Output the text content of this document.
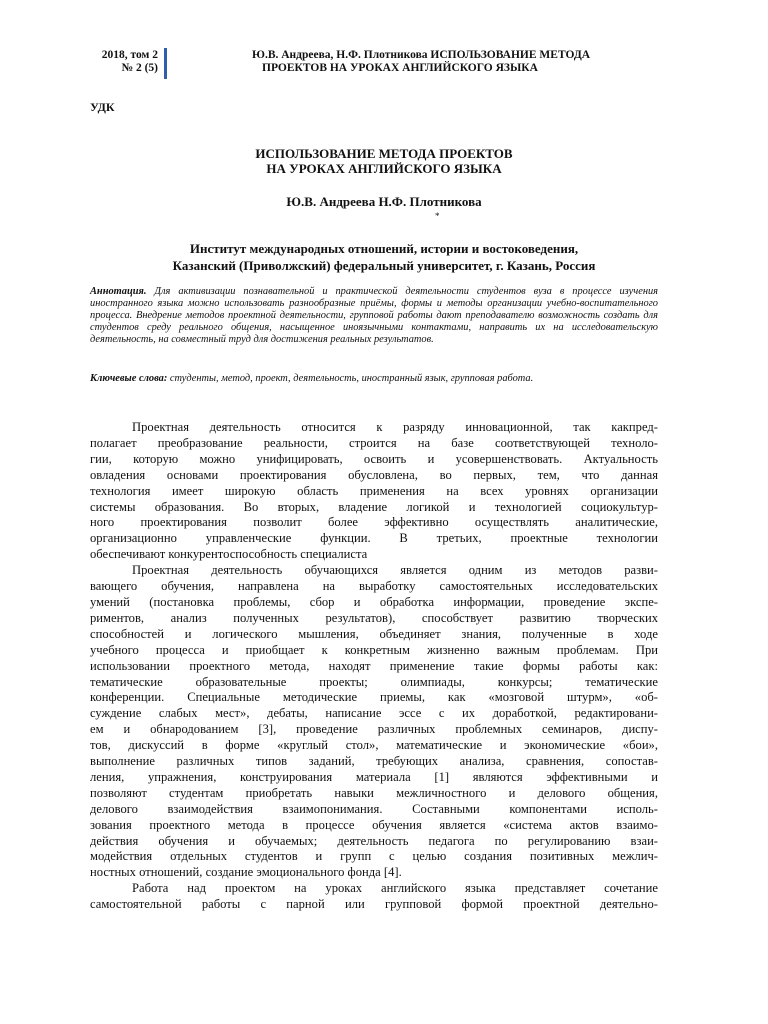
2018, том 2
№ 2 (5)
Ю.В. Андреева, Н.Ф. Плотникова ИСПОЛЬЗОВАНИЕ МЕТОДА
ПРОЕКТОВ НА УРОКАХ АНГЛИЙСКОГО ЯЗЫКА
УДК
ИСПОЛЬЗОВАНИЕ МЕТОДА ПРОЕКТОВ
НА УРОКАХ АНГЛИЙСКОГО ЯЗЫКА
Ю.В. Андреева Н.Ф. Плотникова
*
Институт международных отношений, истории и востоковедения,
Казанский (Приволжский) федеральный университет, г. Казань, Россия
Аннотация. Для активизации познавательной и практической деятельности студентов вуза в процессе изучения иностранного языка можно использовать разнообразные приёмы, формы и методы организации учебно-воспитательного процесса. Внедрение методов проектной деятельности, групповой работы дают преподавателю возможность создать для студентов среду реального общения, насыщенное иноязычными контактами, направить их на исследовательскую деятельность, на совместный труд для достижения реальных результатов.
Ключевые слова: студенты, метод, проект, деятельность, иностранный язык, групповая работа.
Проектная деятельность относится к разряду инновационной, так какпред-
полагает преобразование реальности, строится на базе соответствующей техноло-
гии, которую можно унифицировать, освоить и усовершенствовать. Актуальность
овладения основами проектирования обусловлена, во первых, тем, что данная
технология имеет широкую область применения на всех уровнях организации
системы образования. Во вторых, владение логикой и технологией социокультур-
ного проектирования позволит более эффективно осуществлять аналитические,
организационно управленческие функции. В третьих, проектные технологии
обеспечивают конкурентоспособность специалиста
Проектная деятельность обучающихся является одним из методов разви-
вающего обучения, направлена на выработку самостоятельных исследовательских
умений (постановка проблемы, сбор и обработка информации, проведение экспе-
риментов, анализ полученных результатов), способствует развитию творческих
способностей и логического мышления, объединяет знания, полученные в ходе
учебного процесса и приобщает к конкретным жизненно важным проблемам. При
использовании проектного метода, находят применение такие формы работы как:
тематические образовательные проекты; олимпиады, конкурсы; тематические
конференции. Специальные методические приемы, как «мозговой штурм», «об-
суждение слабых мест», дебаты, написание эссе с их доработкой, редактировани-
ем и обнародованием [3], проведение различных проблемных семинаров, диспу-
тов, дискуссий в форме «круглый стол», математические и экономические «бои»,
выполнение различных типов заданий, требующих анализа, сравнения, сопостав-
ления, упражнения, конструирования материала [1] являются эффективными и
позволяют студентам приобретать навыки межличностного и делового общения,
делового взаимодействия взаимопонимания. Составными компонентами исполь-
зования проектного метода в процессе обучения является «система актов взаимо-
действия обучения и обучаемых; деятельность педагога по регулированию взаи-
модействия отдельных студентов и групп с целью создания позитивных межлич-
ностных отношений, создание эмоционального фонда [4].
Работа над проектом на уроках английского языка представляет сочетание
самостоятельной работы с парной или групповой формой проектной деятельно-
